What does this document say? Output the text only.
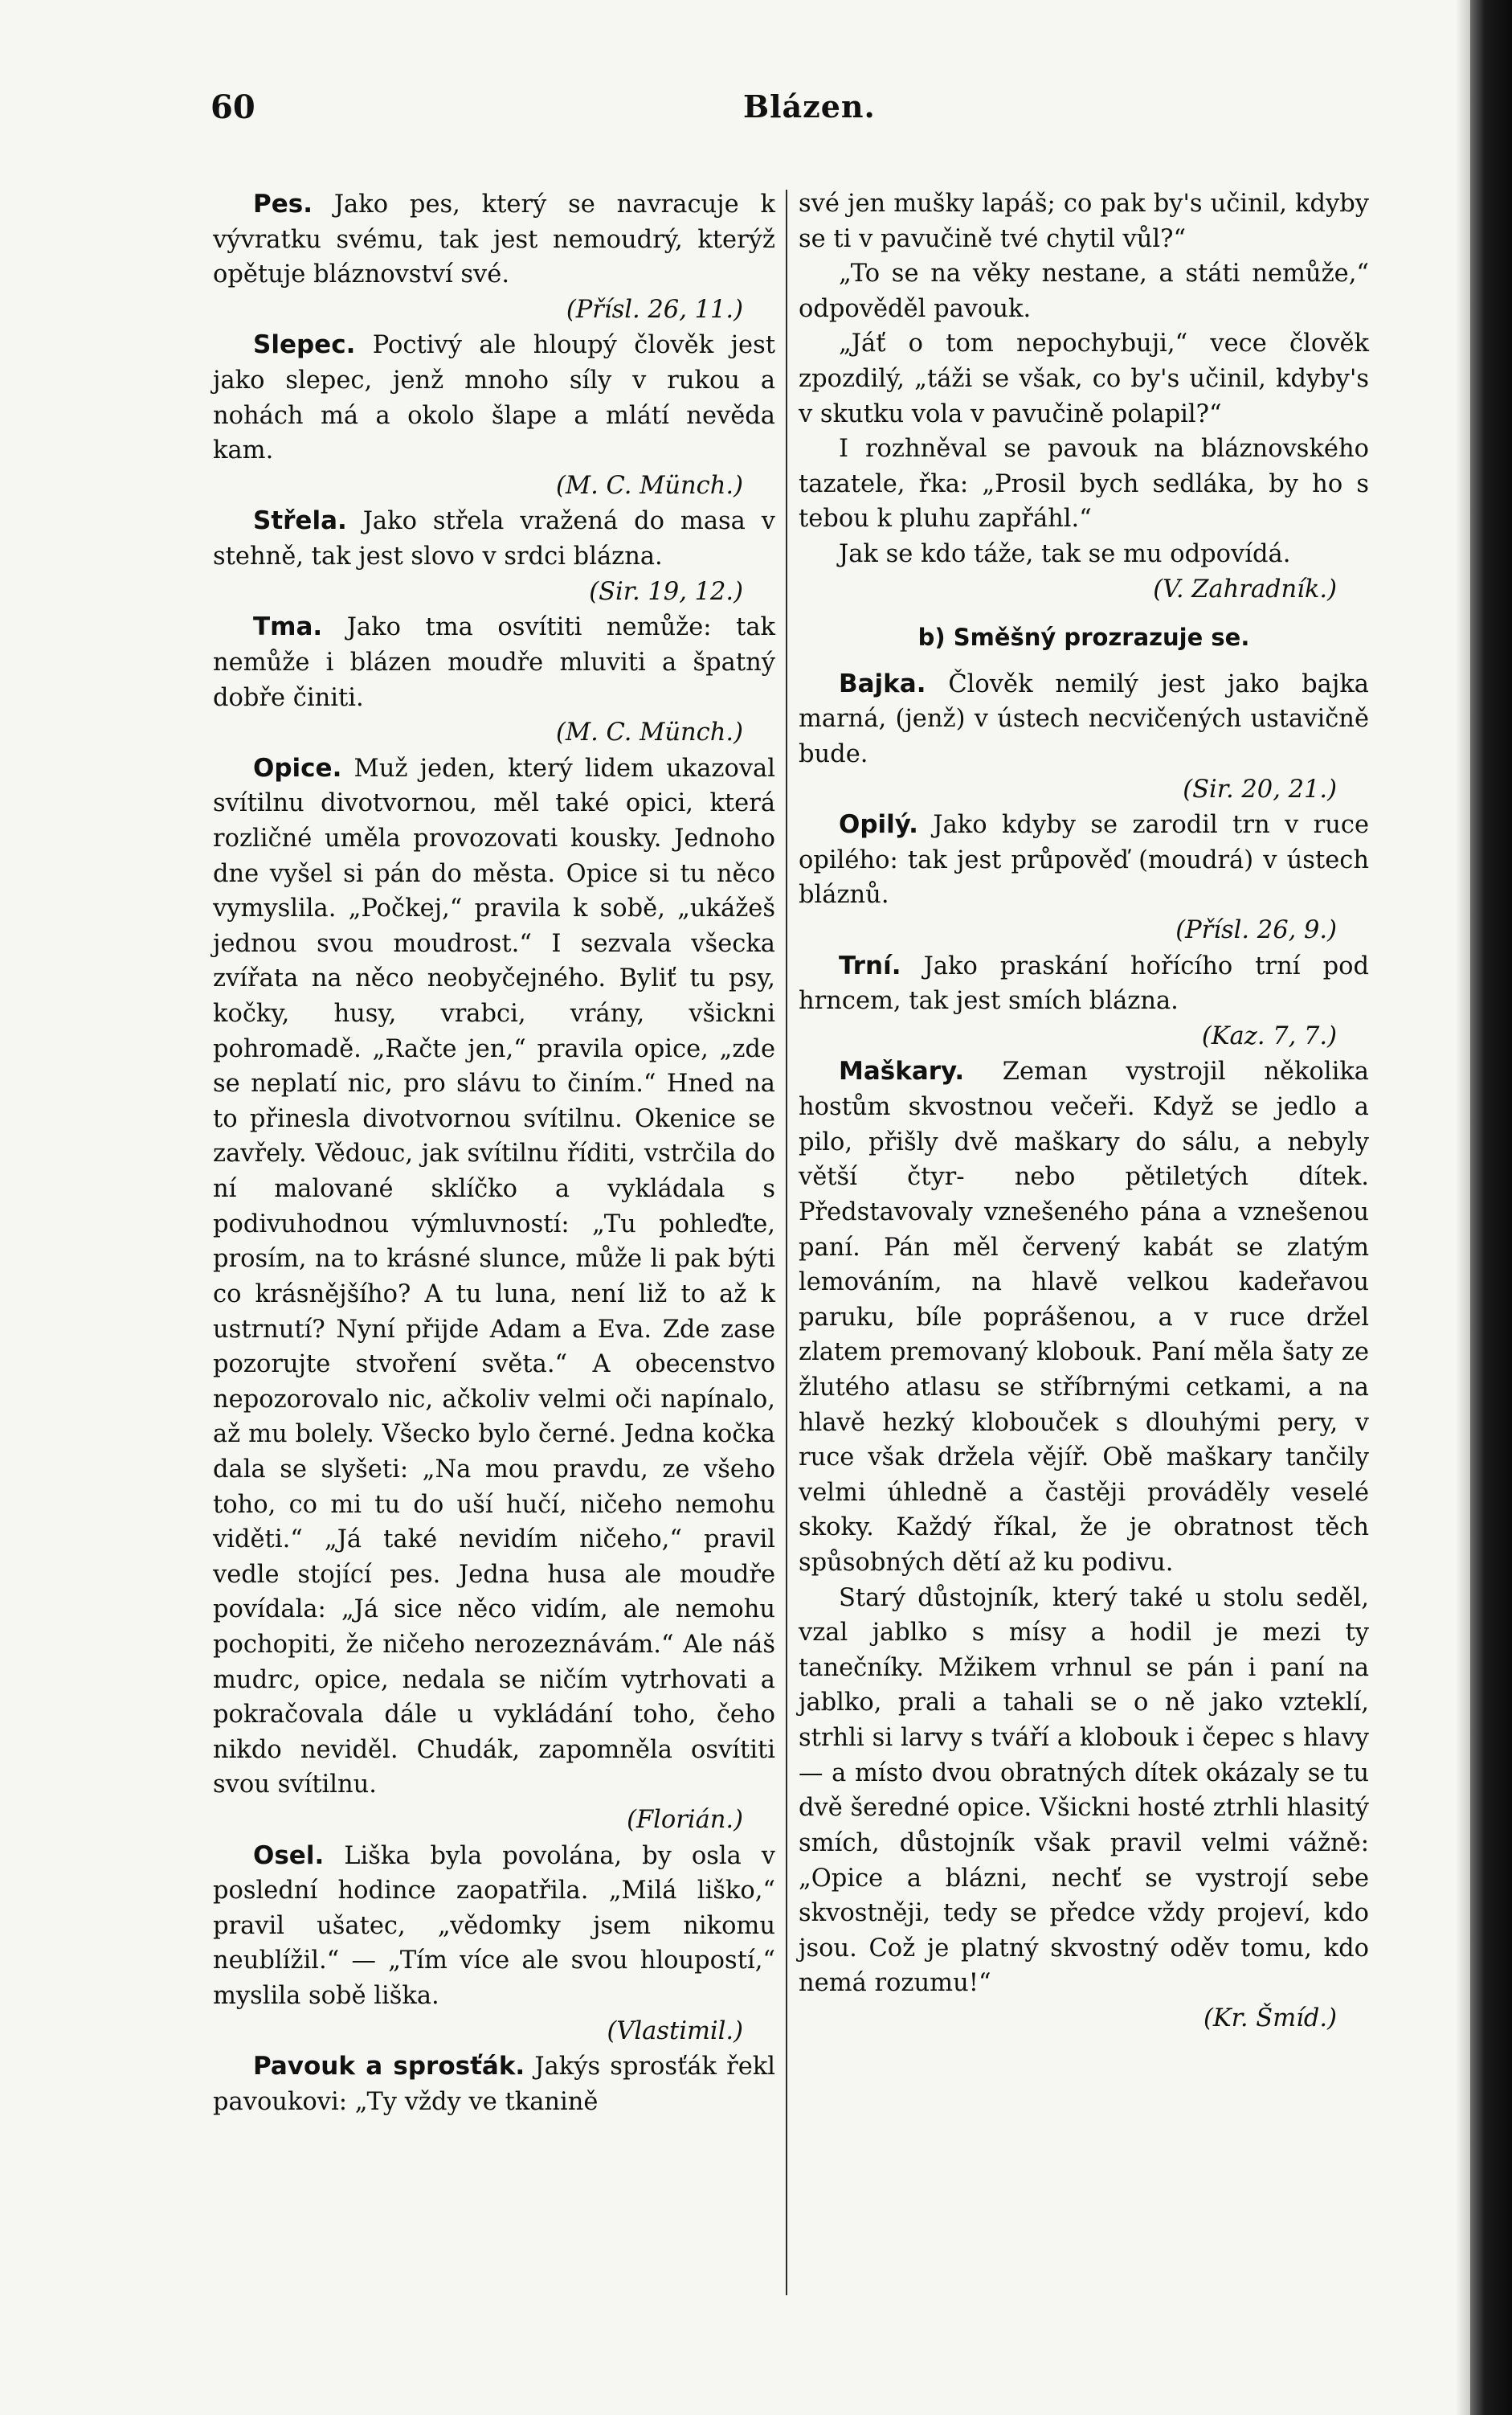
60	Blázen.

Pes. Jako pes, který se navracuje k vývratku svému, tak jest nemoudrý, kterýž opětuje bláznovství své.

(Přísl. 26, 11.)

Slepec. Poctivý ale hloupý člověk jest jako slepec, jenž mnoho síly v rukou a nohách má a okolo šlape a mlátí nevěda kam.

(M. C. Münch.)

Střela. Jako střela vražená do masa v stehně, tak jest slovo v srdci blázna.

(Sir. 19, 12.)

Tma. Jako tma osvítiti nemůže: tak nemůže i blázen moudře mluviti a špatný dobře činiti.

(M. C. Münch.)

Opice. Muž jeden, který lidem ukazoval svítilnu divotvornou, měl také opici, která rozličné uměla provozovati kousky. Jednoho dne vyšel si pán do města. Opice si tu něco vymyslila. „Počkej,“ pravila k sobě, „ukážeš jednou svou moudrost.“ I sezvala všecka zvířata na něco neobyčejného. Byliť tu psy, kočky, husy, vrabci, vrány, všickni pohromadě. „Račte jen,“ pravila opice, „zde se neplatí nic, pro slávu to činím.“ Hned na to přinesla divotvornou svítilnu. Okenice se zavřely. Vědouc, jak svítilnu říditi, vstrčila do ní malované sklíčko a vykládala s podivuhodnou výmluvností: „Tu pohleďte, prosím, na to krásné slunce, může li pak býti co krásnějšího? A tu luna, není liž to až k ustrnutí? Nyní přijde Adam a Eva. Zde zase pozorujte stvoření světa.“ A obecenstvo nepozorovalo nic, ačkoliv velmi oči napínalo, až mu bolely. Všecko bylo černé. Jedna kočka dala se slyšeti: „Na mou pravdu, ze všeho toho, co mi tu do uší hučí, ničeho nemohu viděti.“ „Já také nevidím ničeho,“ pravil vedle stojící pes. Jedna husa ale moudře povídala: „Já sice něco vidím, ale nemohu pochopiti, že ničeho nerozeznávám.“ Ale náš mudrc, opice, nedala se ničím vytrhovati a pokračovala dále u vykládání toho, čeho nikdo neviděl. Chudák, zapomněla osvítiti svou svítilnu.

(Florián.)

Osel. Liška byla povolána, by osla v poslední hodince zaopatřila. „Milá liško,“ pravil ušatec, „vědomky jsem nikomu neublížil.“ — „Tím více ale svou hloupostí,“ myslila sobě liška.

(Vlastimil.)

Pavouk a sprosťák. Jakýs sprosťák řekl pavoukovi: „Ty vždy ve tkanině

své jen mušky lapáš; co pak by's učinil, kdyby se ti v pavučině tvé chytil vůl?“

„To se na věky nestane, a státi nemůže,“ odpověděl pavouk.

„Jáť o tom nepochybuji,“ vece člověk zpozdilý, „táži se však, co by's učinil, kdyby's v skutku vola v pavučině polapil?“

I rozhněval se pavouk na bláznovského tazatele, řka: „Prosil bych sedláka, by ho s tebou k pluhu zapřáhl.“

Jak se kdo táže, tak se mu odpovídá.

(V. Zahradník.)

b) Směšný prozrazuje se.

Bajka. Člověk nemilý jest jako bajka marná, (jenž) v ústech necvičených ustavičně bude.

(Sir. 20, 21.)

Opilý. Jako kdyby se zarodil trn v ruce opilého: tak jest průpověď (moudrá) v ústech bláznů.

(Přísl. 26, 9.)

Trní. Jako praskání hořícího trní pod hrncem, tak jest smích blázna.

(Kaz. 7, 7.)

Maškary. Zeman vystrojil několika hostům skvostnou večeři. Když se jedlo a pilo, přišly dvě maškary do sálu, a nebyly větší čtyr- nebo pětiletých dítek. Představovaly vznešeného pána a vznešenou paní. Pán měl červený kabát se zlatým lemováním, na hlavě velkou kadeřavou paruku, bíle poprášenou, a v ruce držel zlatem premovaný klobouk. Paní měla šaty ze žlutého atlasu se stříbrnými cetkami, a na hlavě hezký klobouček s dlouhými pery, v ruce však držela vějíř. Obě maškary tančily velmi úhledně a častěji prováděly veselé skoky. Každý říkal, že je obratnost těch spůsobných dětí až ku podivu.

Starý důstojník, který také u stolu seděl, vzal jablko s mísy a hodil je mezi ty tanečníky. Mžikem vrhnul se pán i paní na jablko, prali a tahali se o ně jako vzteklí, strhli si larvy s tváří a klobouk i čepec s hlavy — a místo dvou obratných dítek okázaly se tu dvě šeredné opice. Všickni hosté ztrhli hlasitý smích, důstojník však pravil velmi vážně: „Opice a blázni, nechť se vystrojí sebe skvostněji, tedy se předce vždy projeví, kdo jsou. Což je platný skvostný oděv tomu, kdo nemá rozumu!“

(Kr. Šmíd.)
